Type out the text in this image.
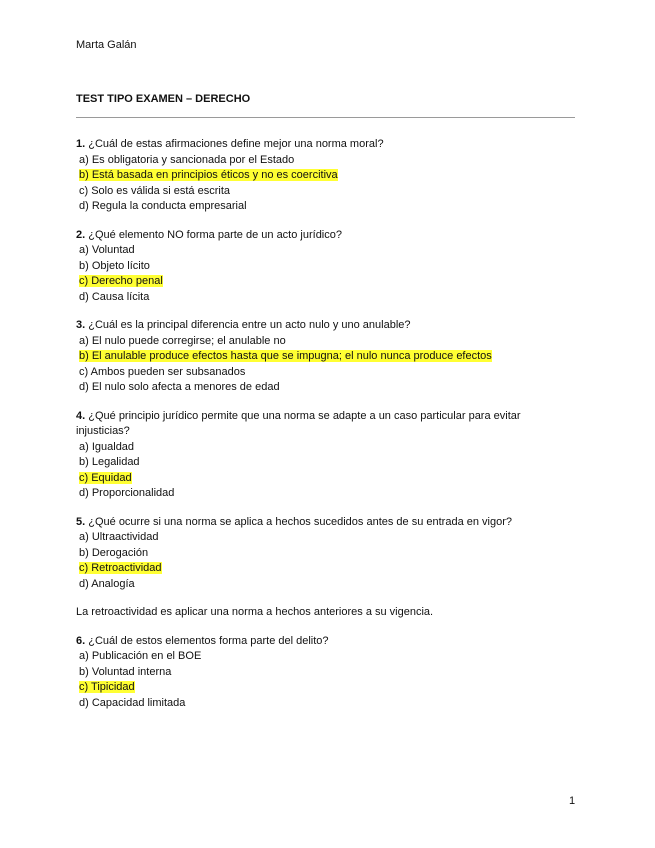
Marta Galán
TEST TIPO EXAMEN – DERECHO
1. ¿Cuál de estas afirmaciones define mejor una norma moral?
a) Es obligatoria y sancionada por el Estado
b) Está basada en principios éticos y no es coercitiva
c) Solo es válida si está escrita
d) Regula la conducta empresarial
2. ¿Qué elemento NO forma parte de un acto jurídico?
a) Voluntad
b) Objeto lícito
c) Derecho penal
d) Causa lícita
3. ¿Cuál es la principal diferencia entre un acto nulo y uno anulable?
a) El nulo puede corregirse; el anulable no
b) El anulable produce efectos hasta que se impugna; el nulo nunca produce efectos
c) Ambos pueden ser subsanados
d) El nulo solo afecta a menores de edad
4. ¿Qué principio jurídico permite que una norma se adapte a un caso particular para evitar injusticias?
a) Igualdad
b) Legalidad
c) Equidad
d) Proporcionalidad
5. ¿Qué ocurre si una norma se aplica a hechos sucedidos antes de su entrada en vigor?
a) Ultraactividad
b) Derogación
c) Retroactividad
d) Analogía
La retroactividad es aplicar una norma a hechos anteriores a su vigencia.
6. ¿Cuál de estos elementos forma parte del delito?
a) Publicación en el BOE
b) Voluntad interna
c) Tipicidad
d) Capacidad limitada
1
